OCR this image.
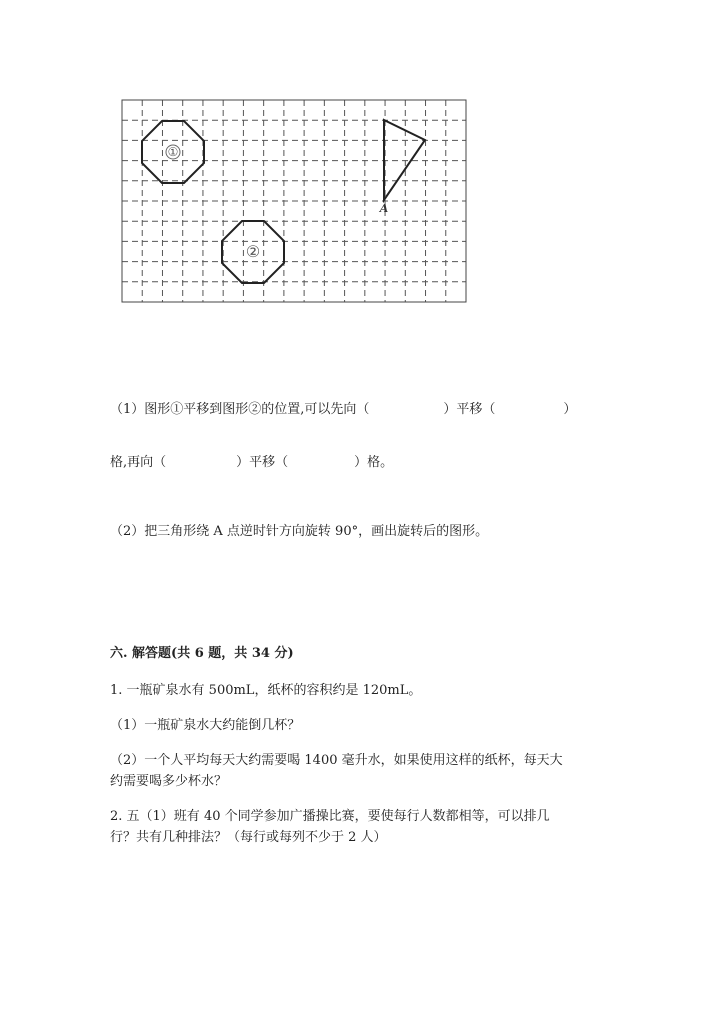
①
②
A
（1）图形①平移到图形②的位置,可以先向（	）平移（	）
格,再向（	）平移（	）格。
（2）把三角形绕 A 点逆时针方向旋转 90°，画出旋转后的图形。
六. 解答题(共 6 题，共 34 分)
1. 一瓶矿泉水有 500mL，纸杯的容积约是 120mL。
（1）一瓶矿泉水大约能倒几杯？
（2）一个人平均每天大约需要喝 1400 毫升水，如果使用这样的纸杯，每天大
约需要喝多少杯水？
2. 五（1）班有 40 个同学参加广播操比赛，要使每行人数都相等，可以排几
行？共有几种排法？（每行或每列不少于 2 人）
